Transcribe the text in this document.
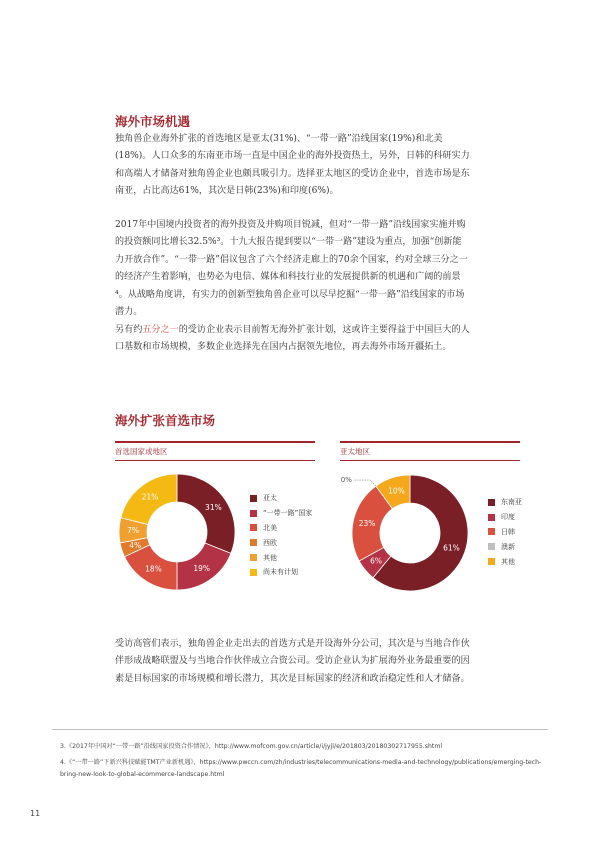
海外市场机遇

独角兽企业海外扩张的首选地区是亚太(31%)、“一带一路”沿线国家(19%)和北美(18%)。人口众多的东南亚市场一直是中国企业的海外投资热土，另外，日韩的科研实力和高端人才储备对独角兽企业也颇具吸引力。选择亚太地区的受访企业中，首选市场是东南亚，占比高达61%，其次是日韩(23%)和印度(6%)。

2017年中国境内投资者的海外投资及并购项目锐减，但对“一带一路”沿线国家实施并购的投资额同比增长32.5%³。十九大报告提到要以“一带一路”建设为重点，加强“创新能力开放合作”。“一带一路”倡议包含了六个经济走廊上的70余个国家，约对全球三分之一的经济产生着影响，也势必为电信、媒体和科技行业的发展提供新的机遇和广阔的前景⁴。从战略角度讲，有实力的创新型独角兽企业可以尽早挖掘“一带一路”沿线国家的市场潜力。

另有约五分之一的受访企业表示目前暂无海外扩张计划，这或许主要得益于中国巨大的人口基数和市场规模，多数企业选择先在国内占据领先地位，再去海外市场开疆拓土。

海外扩张首选市场
首选国家或地区	亚太地区
31%
19%
18%
4%
7%
21%	亚太
“一带一路”国家
北美
西欧
其他
尚未有计划
61%
6%
23%
0%
10%
东南亚
印度
日韩
澳新
其他

受访高管们表示，独角兽企业走出去的首选方式是开设海外分公司，其次是与当地合作伙伴形成战略联盟及与当地合作伙伴成立合资公司。受访企业认为扩展海外业务最重要的因素是目标国家的市场规模和增长潜力，其次是目标国家的经济和政治稳定性和人才储备。

3.《2017年中国对“一带一路”沿线国家投资合作情况》，http://www.mofcom.gov.cn/article/i/jyjl/e/201803/20180302717955.shtml

4.《“一带一路”下新兴科技赋能TMT产业新机遇》，https://www.pwccn.com/zh/industries/telecommunications-media-and-technology/publications/emerging-tech-bring-new-look-to-global-ecommerce-landscape.html

11
